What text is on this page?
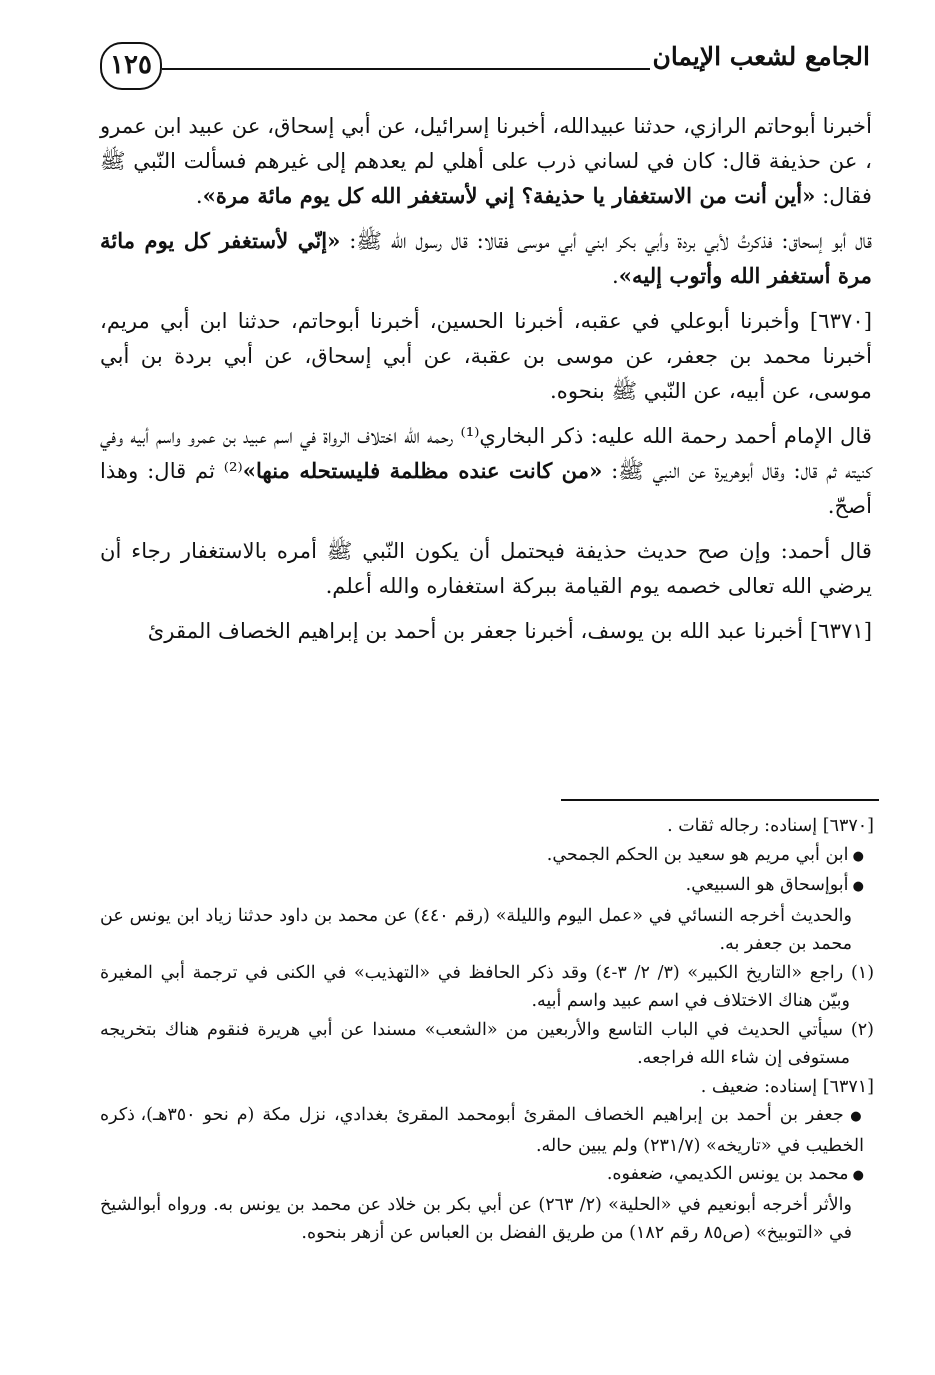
الجامع لشعب الإيمان
١٢٥

أخبرنا أبوحاتم الرازي، حدثنا عبيدالله، أخبرنا إسرائيل، عن أبي إسحاق، عن عبيد ابن عمرو ، عن حذيفة قال: كان في لساني ذرب على أهلي لم يعدهم إلى غيرهم فسألت النّبي ﷺ فقال: «أين أنت من الاستغفار يا حذيفة؟ إني لأستغفر الله كل يوم مائة مرة».

قال أبو إسحاق: فذكرتُ لأبي بردة وأبي بكر ابني أبي موسى فقالا: قال رسول الله ﷺ: «إنّي لأستغفر كل يوم مائة مرة أستغفر الله وأتوب إليه».

[٦٣٧٠] وأخبرنا أبوعلي في عقبه، أخبرنا الحسين، أخبرنا أبوحاتم، حدثنا ابن أبي مريم، أخبرنا محمد بن جعفر، عن موسى بن عقبة، عن أبي إسحاق، عن أبي بردة بن أبي موسى، عن أبيه، عن النّبي ﷺ بنحوه.

قال الإمام أحمد رحمة الله عليه: ذكر البخاري⁽¹⁾ رحمه الله اختلاف الرواة في اسم عبيد بن عمرو واسم أبيه وفي كنيته ثم قال: وقال أبوهريرة عن النبي ﷺ: «من كانت عنده مظلمة فليستحله منها»⁽²⁾ ثم قال: وهذا أصحّ.

قال أحمد: وإن صح حديث حذيفة فيحتمل أن يكون النّبي ﷺ أمره بالاستغفار رجاء أن يرضي الله تعالى خصمه يوم القيامة ببركة استغفاره والله أعلم.

[٦٣٧١] أخبرنا عبد الله بن يوسف، أخبرنا جعفر بن أحمد بن إبراهيم الخصاف المقرئ

[٦٣٧٠] إسناده: رجاله ثقات .

● ابن أبي مريم هو سعيد بن الحكم الجمحي.

● أبوإسحاق هو السبيعي.

والحديث أخرجه النسائي في «عمل اليوم والليلة» (رقم ٤٤٠) عن محمد بن داود حدثنا زياد ابن يونس عن محمد بن جعفر به.

(١) راجع «التاريخ الكبير» (٣/ ٢/ ٣-٤) وقد ذكر الحافظ في «التهذيب» في الكنى في ترجمة أبي المغيرة وبيّن هناك الاختلاف في اسم عبيد واسم أبيه.

(٢) سيأتي الحديث في الباب التاسع والأربعين من «الشعب» مسندا عن أبي هريرة فنقوم هناك بتخريجه مستوفى إن شاء الله فراجعه.

[٦٣٧١] إسناده: ضعيف .

● جعفر بن أحمد بن إبراهيم الخصاف المقرئ أبومحمد المقرئ بغدادي، نزل مكة (م نحو ٣٥٠هـ)، ذكره الخطيب في «تاريخه» (٢٣١/٧) ولم يبين حاله.

● محمد بن يونس الكديمي، ضعفوه.

والأثر أخرجه أبونعيم في «الحلية» (٢/ ٢٦٣) عن أبي بكر بن خلاد عن محمد بن يونس به. ورواه أبوالشيخ في «التوبيخ» (ص٨٥ رقم ١٨٢) من طريق الفضل بن العباس عن أزهر بنحوه.
